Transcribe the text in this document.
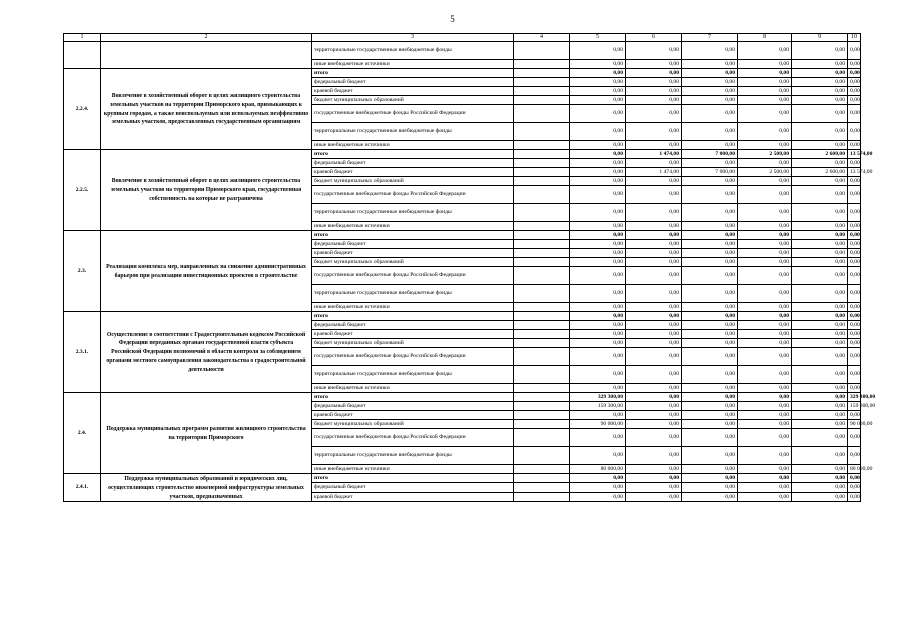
5
1	2	3	4	5	6	7	8	9	10
		территориальные государственные внебюджетные фонды		0,00	0,00	0,00	0,00	0,00	0,00
		иные внебюджетные источники		0,00	0,00	0,00	0,00	0,00	0,00
2.2.4.	Вовлечение в хозяйственный оборот в целях жилищного строительства земельных участков на территории Приморского края, примыкающих к крупным городам, а также неиспользуемых или используемых неэффективно земельных участков, предоставленных государственным организациям	итого		0,00	0,00	0,00	0,00	0,00	0,00
		федеральный бюджет		0,00	0,00	0,00	0,00	0,00	0,00
		краевой бюджет		0,00	0,00	0,00	0,00	0,00	0,00
		бюджет муниципальных образований		0,00	0,00	0,00	0,00	0,00	0,00
		государственные внебюджетные фонды Российской Федерации		0,00	0,00	0,00	0,00	0,00	0,00
		территориальные государственные внебюджетные фонды		0,00	0,00	0,00	0,00	0,00	0,00
		иные внебюджетные источники		0,00	0,00	0,00	0,00	0,00	0,00
2.2.5.	Вовлечение в хозяйственный оборот в целях жилищного строительства земельных участков на территории Приморского края, государственная собственность на которые не разграничена	итого		0,00	1 474,00	7 000,00	2 500,00	2 600,00	13 574,00
		федеральный бюджет		0,00	0,00	0,00	0,00	0,00	0,00
		краевой бюджет		0,00	1 474,00	7 000,00	2 500,00	2 600,00	13 574,00
		бюджет муниципальных образований		0,00	0,00	0,00	0,00	0,00	0,00
		государственные внебюджетные фонды Российской Федерации		0,00	0,00	0,00	0,00	0,00	0,00
		территориальные государственные внебюджетные фонды		0,00	0,00	0,00	0,00	0,00	0,00
		иные внебюджетные источники		0,00	0,00	0,00	0,00	0,00	0,00
2.3.	Реализация комплекса мер, направленных на снижение административных барьеров при реализации инвестиционных проектов в строительстве	итого		0,00	0,00	0,00	0,00	0,00	0,00
		федеральный бюджет		0,00	0,00	0,00	0,00	0,00	0,00
		краевой бюджет		0,00	0,00	0,00	0,00	0,00	0,00
		бюджет муниципальных образований		0,00	0,00	0,00	0,00	0,00	0,00
		государственные внебюджетные фонды Российской Федерации		0,00	0,00	0,00	0,00	0,00	0,00
		территориальные государственные внебюджетные фонды		0,00	0,00	0,00	0,00	0,00	0,00
		иные внебюджетные источники		0,00	0,00	0,00	0,00	0,00	0,00
2.3.1.	Осуществление в соответствии с Градостроительным кодексом Российской Федерации переданных органам государственной власти субъекта Российской Федерации полномочий в области контроля за соблюдением органами местного самоуправления законодательства о градостроительной деятельности	итого		0,00	0,00	0,00	0,00	0,00	0,00
		федеральный бюджет		0,00	0,00	0,00	0,00	0,00	0,00
		краевой бюджет		0,00	0,00	0,00	0,00	0,00	0,00
		бюджет муниципальных образований		0,00	0,00	0,00	0,00	0,00	0,00
		государственные внебюджетные фонды Российской Федерации		0,00	0,00	0,00	0,00	0,00	0,00
		территориальные государственные внебюджетные фонды		0,00	0,00	0,00	0,00	0,00	0,00
		иные внебюджетные источники		0,00	0,00	0,00	0,00	0,00	0,00
2.4.	Поддержка муниципальных программ развития жилищного строительства на территории Приморского	итого		329 300,00	0,00	0,00	0,00	0,00	329 300,00
		федеральный бюджет		159 300,00	0,00	0,00	0,00	0,00	159 300,00
		краевой бюджет		0,00	0,00	0,00	0,00	0,00	0,00
		бюджет муниципальных образований		90 000,00	0,00	0,00	0,00	0,00	90 000,00
		государственные внебюджетные фонды Российской Федерации		0,00	0,00	0,00	0,00	0,00	0,00
		территориальные государственные внебюджетные фонды		0,00	0,00	0,00	0,00	0,00	0,00
		иные внебюджетные источники		80 000,00	0,00	0,00	0,00	0,00	80 000,00
2.4.1.	Поддержка муниципальных образований и юридических лиц, осуществляющих строительство инженерной инфраструктуры земельных участков, предназначенных	итого		0,00	0,00	0,00	0,00	0,00	0,00
		федеральный бюджет		0,00	0,00	0,00	0,00	0,00	0,00
		краевой бюджет		0,00	0,00	0,00	0,00	0,00	0,00
